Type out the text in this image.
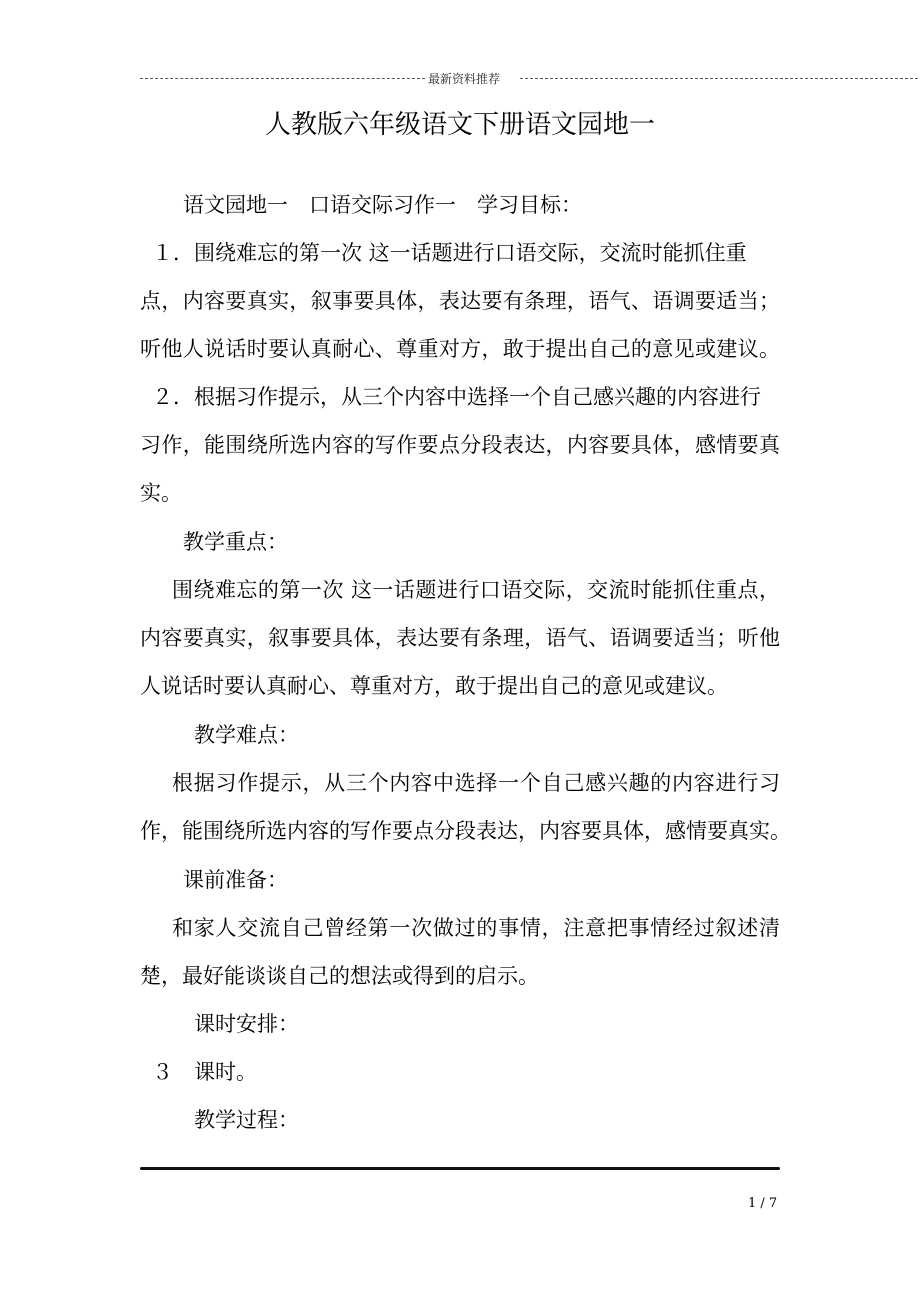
最新资料推荐
人教版六年级语文下册语文园地一
语文园地一　口语交际习作一　学习目标：
１．围绕难忘的第一次 这一话题进行口语交际，交流时能抓住重
点，内容要真实，叙事要具体，表达要有条理，语气、语调要适当；
听他人说话时要认真耐心、尊重对方，敢于提出自己的意见或建议。
２．根据习作提示，从三个内容中选择一个自己感兴趣的内容进行
习作，能围绕所选内容的写作要点分段表达，内容要具体，感情要真
实。
教学重点：
围绕难忘的第一次 这一话题进行口语交际，交流时能抓住重点，
内容要真实，叙事要具体，表达要有条理，语气、语调要适当；听他
人说话时要认真耐心、尊重对方，敢于提出自己的意见或建议。
教学难点：
根据习作提示，从三个内容中选择一个自己感兴趣的内容进行习
作，能围绕所选内容的写作要点分段表达，内容要具体，感情要真实。
课前准备：
和家人交流自己曾经第一次做过的事情，注意把事情经过叙述清
楚，最好能谈谈自己的想法或得到的启示。
课时安排：
３　课时。
教学过程：
1 / 7
